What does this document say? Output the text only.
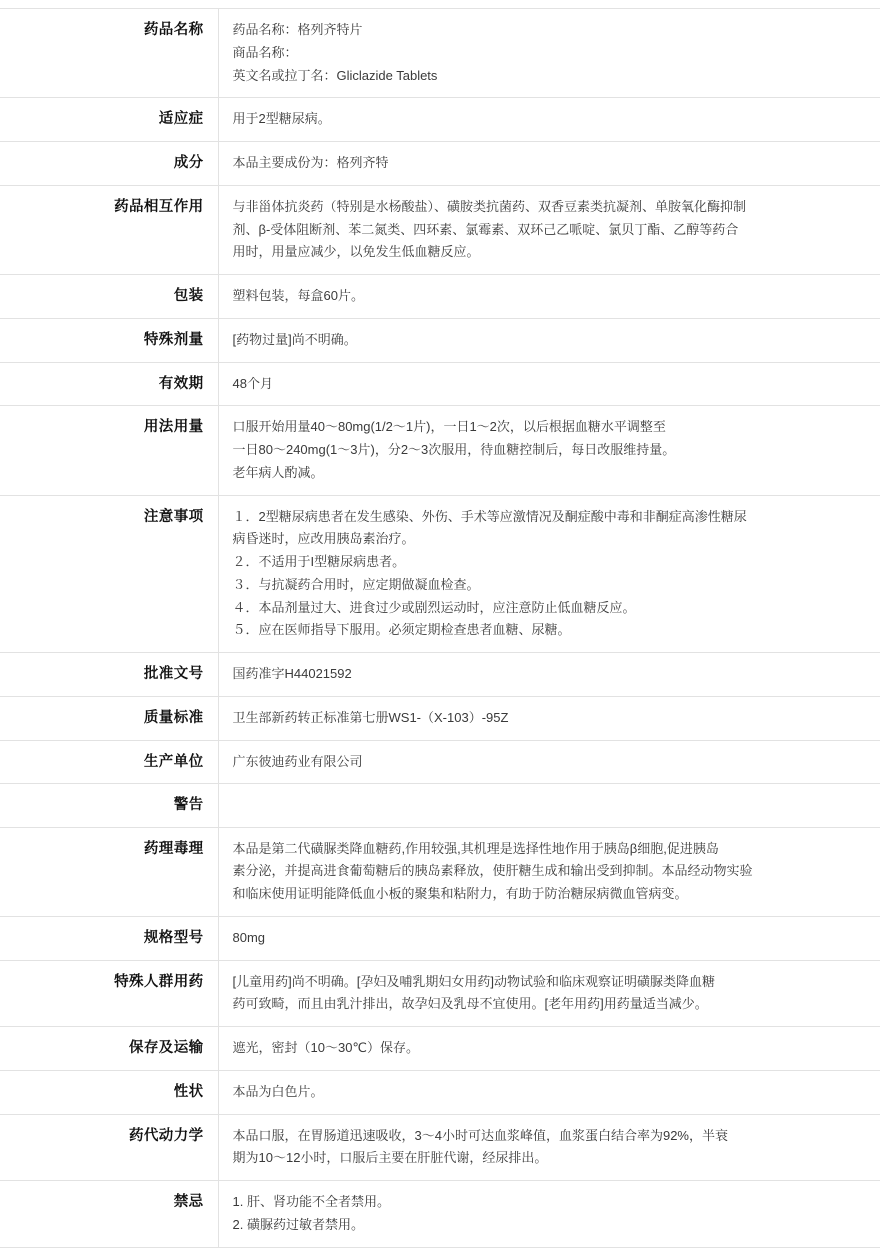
药品名称	药品名称：格列齐特片
商品名称：
英文名或拉丁名：Gliclazide Tablets

适应症	用于2型糖尿病。

成分	本品主要成份为：格列齐特

药品相互作用	与非甾体抗炎药（特别是水杨酸盐）、磺胺类抗菌药、双香豆素类抗凝剂、单胺氧化酶抑制
剂、β-受体阻断剂、苯二氮类、四环素、氯霉素、双环己乙哌啶、氯贝丁酯、乙醇等药合
用时，用量应减少，以免发生低血糖反应。

包装	塑料包装，每盒60片。

特殊剂量	[药物过量]尚不明确。

有效期	48个月

用法用量	口服开始用量40～80mg(1/2～1片)，一日1～2次，以后根据血糖水平调整至
一日80～240mg(1～3片)，分2～3次服用，待血糖控制后，每日改服维持量。
老年病人酌减。

注意事项	１．2型糖尿病患者在发生感染、外伤、手术等应激情况及酮症酸中毒和非酮症高渗性糖尿
病昏迷时，应改用胰岛素治疗。
２．不适用于I型糖尿病患者。
３．与抗凝药合用时，应定期做凝血检查。
４．本品剂量过大、进食过少或剧烈运动时，应注意防止低血糖反应。
５．应在医师指导下服用。必须定期检查患者血糖、尿糖。

批准文号	国药准字H44021592

质量标准	卫生部新药转正标准第七册WS1-（X-103）-95Z

生产单位	广东彼迪药业有限公司

警告	

药理毒理	本品是第二代磺脲类降血糖药,作用较强,其机理是选择性地作用于胰岛β细胞,促进胰岛
素分泌，并提高进食葡萄糖后的胰岛素释放，使肝糖生成和输出受到抑制。本品经动物实验
和临床使用证明能降低血小板的聚集和粘附力，有助于防治糖尿病微血管病变。

规格型号	80mg

特殊人群用药	[儿童用药]尚不明确。[孕妇及哺乳期妇女用药]动物试验和临床观察证明磺脲类降血糖
药可致畸，而且由乳汁排出，故孕妇及乳母不宜使用。[老年用药]用药量适当减少。

保存及运输	遮光，密封（10～30℃）保存。

性状	本品为白色片。

药代动力学	本品口服，在胃肠道迅速吸收，3～4小时可达血浆峰值，血浆蛋白结合率为92%，半衰
期为10～12小时，口服后主要在肝脏代谢，经尿排出。

禁忌	1. 肝、肾功能不全者禁用。
2. 磺脲药过敏者禁用。
